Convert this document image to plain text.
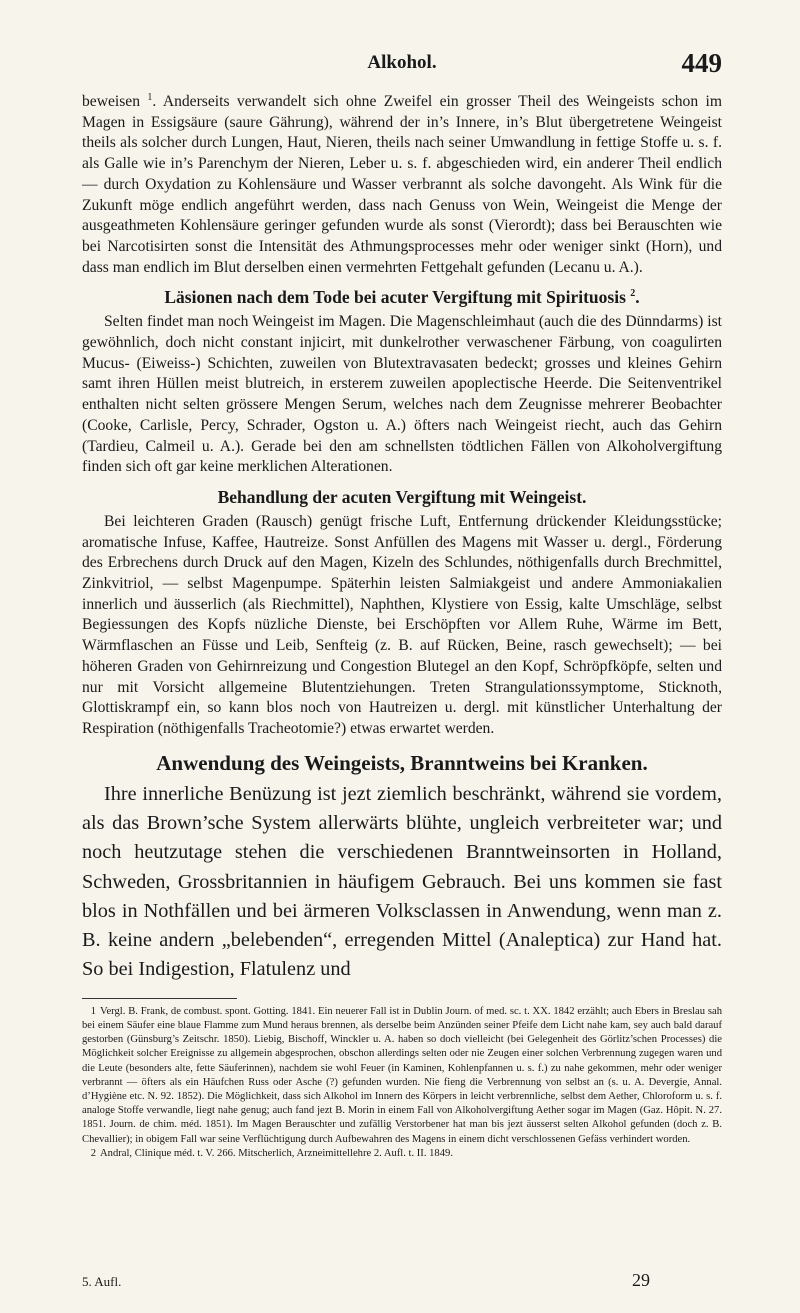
Alkohol.	449

beweisen $^1$. Anderseits verwandelt sich ohne Zweifel ein grosser Theil des Weingeists schon im Magen in Essigsäure (saure Gährung), während der in’s Innere, in’s Blut übergetretene Weingeist theils als solcher durch Lungen, Haut, Nieren, theils nach seiner Umwandlung in fettige Stoffe u. s. f. als Galle wie in’s Parenchym der Nieren, Leber u. s. f. abgeschieden wird, ein anderer Theil endlich — durch Oxydation zu Kohlensäure und Wasser verbrannt als solche davongeht. Als Wink für die Zukunft möge endlich angeführt werden, dass nach Genuss von Wein, Weingeist die Menge der ausgeathmeten Kohlensäure geringer gefunden wurde als sonst (Vierordt); dass bei Berauschten wie bei Narcotisirten sonst die Intensität des Athmungsprocesses mehr oder weniger sinkt (Horn), und dass man endlich im Blut derselben einen vermehrten Fettgehalt gefunden (Lecanu u. A.).

Läsionen nach dem Tode bei acuter Vergiftung mit Spirituosis $^2$.

Selten findet man noch Weingeist im Magen. Die Magenschleimhaut (auch die des Dünndarms) ist gewöhnlich, doch nicht constant injicirt, mit dunkelrother verwaschener Färbung, von coagulirten Mucus- (Eiweiss-) Schichten, zuweilen von Blutextravasaten bedeckt; grosses und kleines Gehirn samt ihren Hüllen meist blutreich, in ersterem zuweilen apoplectische Heerde. Die Seitenventrikel enthalten nicht selten grössere Mengen Serum, welches nach dem Zeugnisse mehrerer Beobachter (Cooke, Carlisle, Percy, Schrader, Ogston u. A.) öfters nach Weingeist riecht, auch das Gehirn (Tardieu, Calmeil u. A.). Gerade bei den am schnellsten tödtlichen Fällen von Alkoholvergiftung finden sich oft gar keine merklichen Alterationen.

Behandlung der acuten Vergiftung mit Weingeist.

Bei leichteren Graden (Rausch) genügt frische Luft, Entfernung drückender Kleidungsstücke; aromatische Infuse, Kaffee, Hautreize. Sonst Anfüllen des Magens mit Wasser u. dergl., Förderung des Erbrechens durch Druck auf den Magen, Kizeln des Schlundes, nöthigenfalls durch Brechmittel, Zinkvitriol, — selbst Magenpumpe. Späterhin leisten Salmiakgeist und andere Ammoniakalien innerlich und äusserlich (als Riechmittel), Naphthen, Klystiere von Essig, kalte Umschläge, selbst Begiessungen des Kopfs nüzliche Dienste, bei Erschöpften vor Allem Ruhe, Wärme im Bett, Wärmflaschen an Füsse und Leib, Senfteig (z. B. auf Rücken, Beine, rasch gewechselt); — bei höheren Graden von Gehirnreizung und Congestion Blutegel an den Kopf, Schröpfköpfe, selten und nur mit Vorsicht allgemeine Blutentziehungen. Treten Strangulationssymptome, Sticknoth, Glottiskrampf ein, so kann blos noch von Hautreizen u. dergl. mit künstlicher Unterhaltung der Respiration (nöthigenfalls Tracheotomie?) etwas erwartet werden.

Anwendung des Weingeists, Branntweins bei Kranken.

Ihre innerliche Benüzung ist jezt ziemlich beschränkt, während sie vordem, als das Brown’sche System allerwärts blühte, ungleich verbreiteter war; und noch heutzutage stehen die verschiedenen Branntweinsorten in Holland, Schweden, Grossbritannien in häufigem Gebrauch. Bei uns kommen sie fast blos in Nothfällen und bei ärmeren Volksclassen in Anwendung, wenn man z. B. keine andern „belebenden“, erregenden Mittel (Analeptica) zur Hand hat. So bei Indigestion, Flatulenz und

1 Vergl. B. Frank, de combust. spont. Gotting. 1841. Ein neuerer Fall ist in Dublin Journ. of med. sc. t. XX. 1842 erzählt; auch Ebers in Breslau sah bei einem Säufer eine blaue Flamme zum Mund heraus brennen, als derselbe beim Anzünden seiner Pfeife dem Licht nahe kam, sey auch bald darauf gestorben (Günsburg’s Zeitschr. 1850). Liebig, Bischoff, Winckler u. A. haben so doch vielleicht (bei Gelegenheit des Görlitz’schen Processes) die Möglichkeit solcher Ereignisse zu allgemein abgesprochen, obschon allerdings selten oder nie Zeugen einer solchen Verbrennung zugegen waren und die Leute (besonders alte, fette Säuferinnen), nachdem sie wohl Feuer (in Kaminen, Kohlenpfannen u. s. f.) zu nahe gekommen, mehr oder weniger verbrannt — öfters als ein Häufchen Russ oder Asche (?) gefunden wurden. Nie fieng die Verbrennung von selbst an (s. u. A. Devergie, Annal. d’Hygiène etc. N. 92. 1852). Die Möglichkeit, dass sich Alkohol im Innern des Körpers in leicht verbrennliche, selbst dem Aether, Chloroform u. s. f. analoge Stoffe verwandle, liegt nahe genug; auch fand jezt B. Morin in einem Fall von Alkoholvergiftung Aether sogar im Magen (Gaz. Hôpit. N. 27. 1851. Journ. de chim. méd. 1851). Im Magen Berauschter und zufällig Verstorbener hat man bis jezt äusserst selten Alkohol gefunden (doch z. B. Chevallier); in obigem Fall war seine Verflüchtigung durch Aufbewahren des Magens in einem dicht verschlossenen Gefäss verhindert worden.

2 Andral, Clinique méd. t. V. 266. Mitscherlich, Arzneimittellehre 2. Aufl. t. II. 1849.

5. Aufl.	29
